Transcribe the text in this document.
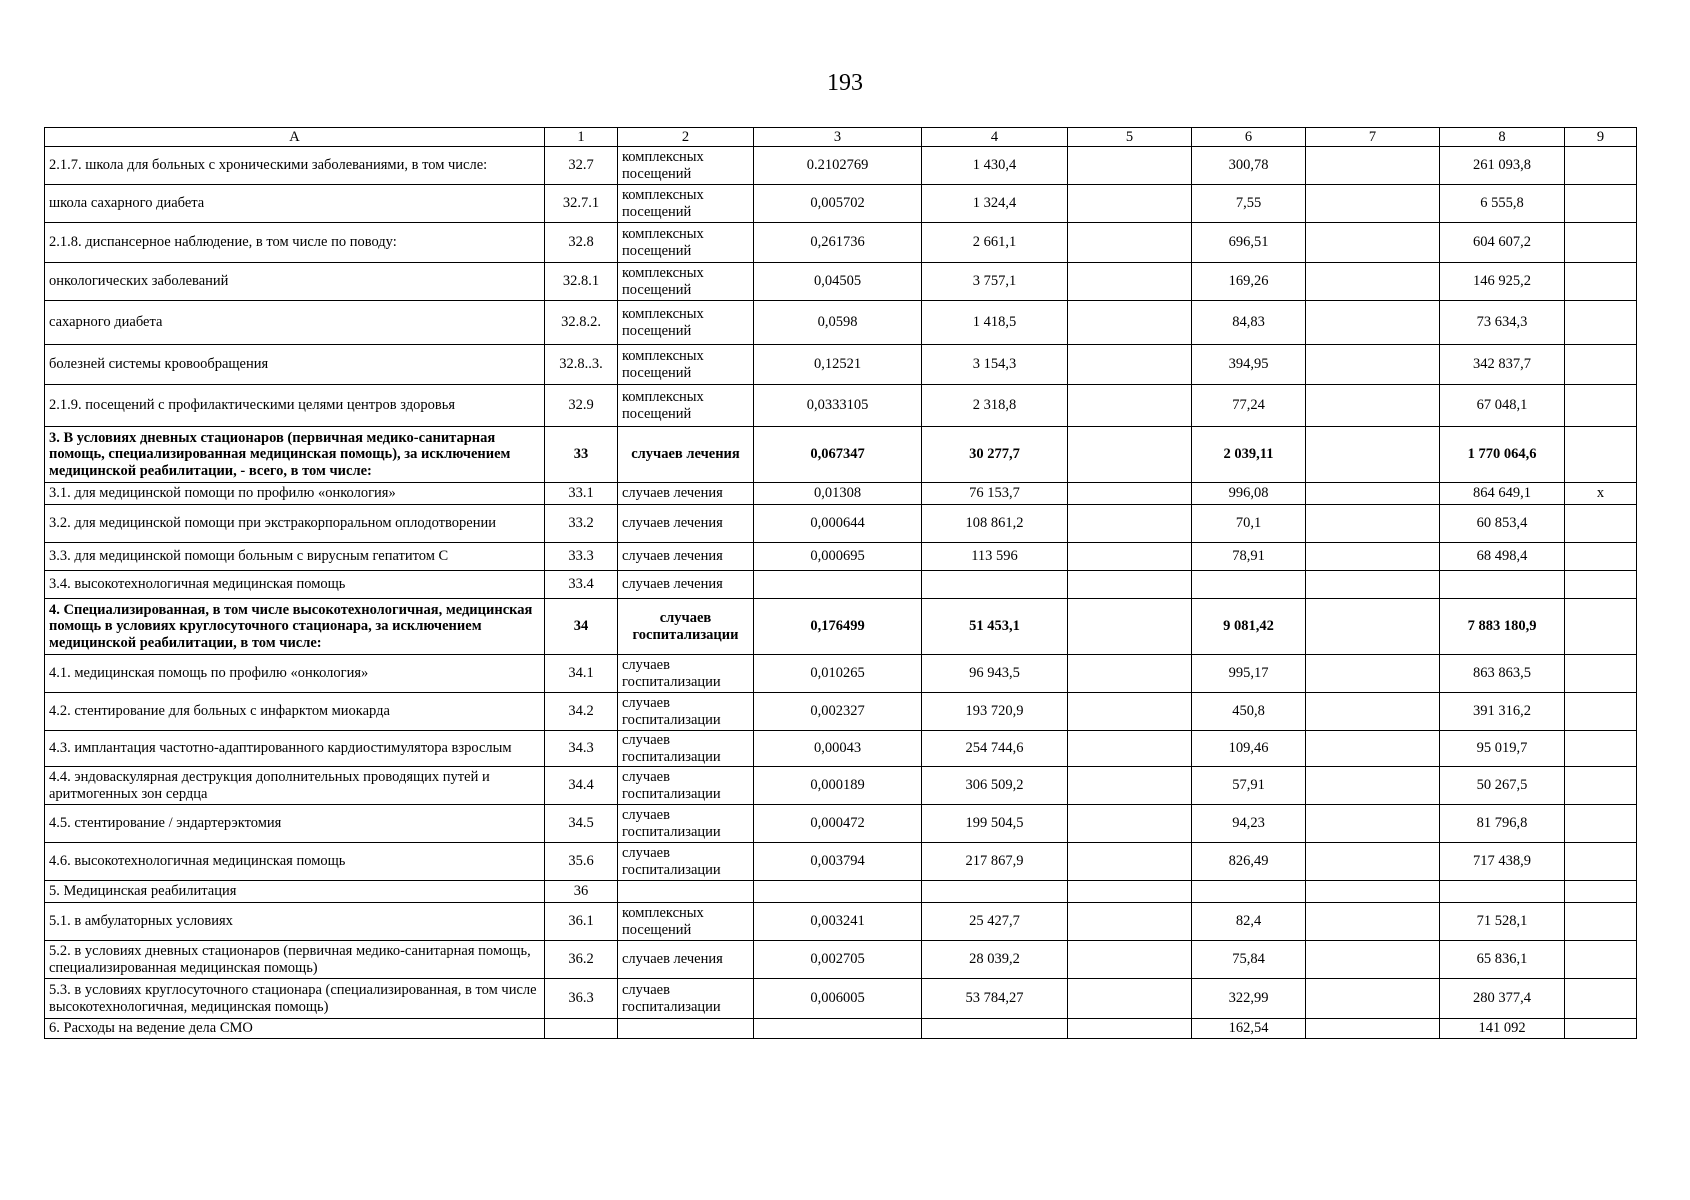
193
A	1	2	3	4	5	6	7	8	9
2.1.7. школа для больных с хроническими заболеваниями, в том числе:	32.7	комплексных посещений	0.2102769	1 430,4		300,78		261 093,8	
школа сахарного диабета	32.7.1	комплексных посещений	0,005702	1 324,4		7,55		6 555,8	
2.1.8. диспансерное наблюдение, в том числе по поводу:	32.8	комплексных посещений	0,261736	2 661,1		696,51		604 607,2	
онкологических заболеваний	32.8.1	комплексных посещений	0,04505	3 757,1		169,26		146 925,2	
сахарного диабета	32.8.2.	комплексных посещений	0,0598	1 418,5		84,83		73 634,3	
болезней системы кровообращения	32.8..3.	комплексных посещений	0,12521	3 154,3		394,95		342 837,7	
2.1.9. посещений с профилактическими целями центров здоровья	32.9	комплексных посещений	0,0333105	2 318,8		77,24		67 048,1	
3. В условиях дневных стационаров (первичная медико-санитарная помощь, специализированная медицинская помощь), за исключением медицинской реабилитации, - всего, в том числе:	33	случаев лечения	0,067347	30 277,7		2 039,11		1 770 064,6	
3.1. для медицинской помощи по профилю «онкология»	33.1	случаев лечения	0,01308	76 153,7		996,08		864 649,1	х
3.2. для медицинской помощи при экстракорпоральном оплодотворении	33.2	случаев лечения	0,000644	108 861,2		70,1		60 853,4	
3.3. для медицинской помощи больным с вирусным гепатитом С	33.3	случаев лечения	0,000695	113 596		78,91		68 498,4	
3.4. высокотехнологичная медицинская помощь	33.4	случаев лечения							
4. Специализированная, в том числе высокотехнологичная, медицинская помощь в условиях круглосуточного стационара, за исключением медицинской реабилитации, в том числе:	34	случаев госпитализации	0,176499	51 453,1		9 081,42		7 883 180,9	
4.1. медицинская помощь по профилю «онкология»	34.1	случаев госпитализации	0,010265	96 943,5		995,17		863 863,5	
4.2. стентирование для больных с инфарктом миокарда	34.2	случаев госпитализации	0,002327	193 720,9		450,8		391 316,2	
4.3. имплантация частотно-адаптированного кардиостимулятора взрослым	34.3	случаев госпитализации	0,00043	254 744,6		109,46		95 019,7	
4.4. эндоваскулярная деструкция дополнительных проводящих путей и аритмогенных зон сердца	34.4	случаев госпитализации	0,000189	306 509,2		57,91		50 267,5	
4.5. стентирование / эндартерэктомия	34.5	случаев госпитализации	0,000472	199 504,5		94,23		81 796,8	
4.6. высокотехнологичная медицинская помощь	35.6	случаев госпитализации	0,003794	217 867,9		826,49		717 438,9	
5. Медицинская реабилитация	36								
5.1. в амбулаторных условиях	36.1	комплексных посещений	0,003241	25 427,7		82,4		71 528,1	
5.2. в условиях дневных стационаров (первичная медико-санитарная помощь, специализированная медицинская помощь)	36.2	случаев лечения	0,002705	28 039,2		75,84		65 836,1	
5.3. в условиях круглосуточного стационара (специализированная, в том числе высокотехнологичная, медицинская помощь)	36.3	случаев госпитализации	0,006005	53 784,27		322,99		280 377,4	
6. Расходы на ведение дела СМО						162,54		141 092	
